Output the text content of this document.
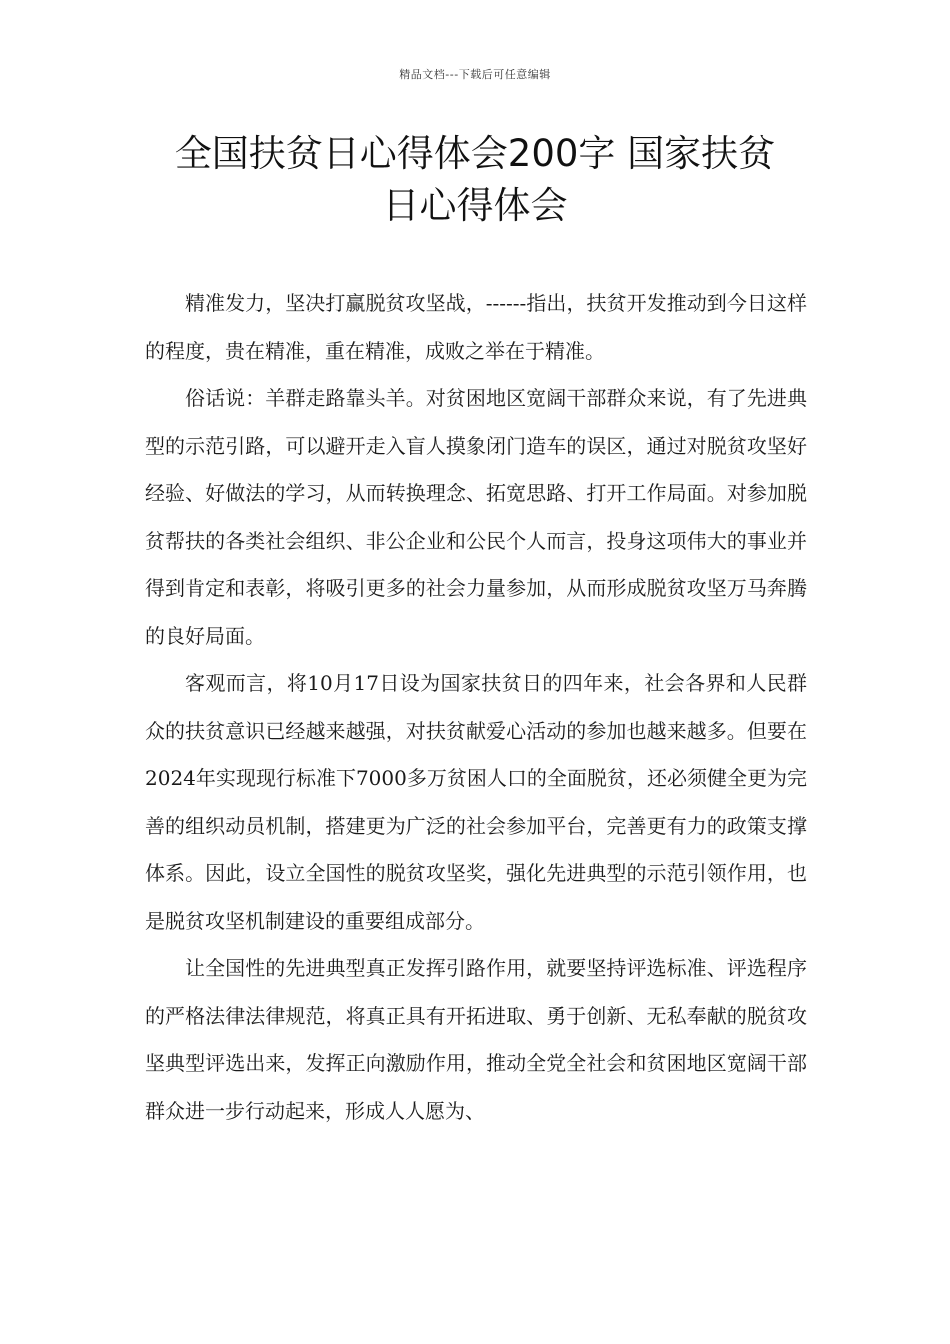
精品文档---下载后可任意编辑
全国扶贫日心得体会200字 国家扶贫
日心得体会

精准发力，坚决打赢脱贫攻坚战，------指出，扶贫开发推动到今日这样的程度，贵在精准，重在精准，成败之举在于精准。

俗话说：羊群走路靠头羊。对贫困地区宽阔干部群众来说，有了先进典型的示范引路，可以避开走入盲人摸象闭门造车的误区，通过对脱贫攻坚好经验、好做法的学习，从而转换理念、拓宽思路、打开工作局面。对参加脱贫帮扶的各类社会组织、非公企业和公民个人而言，投身这项伟大的事业并得到肯定和表彰，将吸引更多的社会力量参加，从而形成脱贫攻坚万马奔腾的良好局面。

客观而言，将10月17日设为国家扶贫日的四年来，社会各界和人民群众的扶贫意识已经越来越强，对扶贫献爱心活动的参加也越来越多。但要在2024年实现现行标准下7000多万贫困人口的全面脱贫，还必须健全更为完善的组织动员机制，搭建更为广泛的社会参加平台，完善更有力的政策支撑体系。因此，设立全国性的脱贫攻坚奖，强化先进典型的示范引领作用，也是脱贫攻坚机制建设的重要组成部分。

让全国性的先进典型真正发挥引路作用，就要坚持评选标准、评选程序的严格法律法律规范，将真正具有开拓进取、勇于创新、无私奉献的脱贫攻坚典型评选出来，发挥正向激励作用，推动全党全社会和贫困地区宽阔干部群众进一步行动起来，形成人人愿为、
